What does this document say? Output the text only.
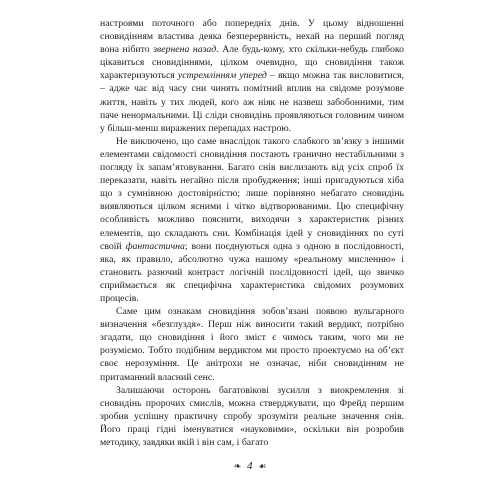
настроями поточного або попередніх днів. У цьому відношенні сновидінням властива деяка безперервність, нехай на перший погляд вона нібито звернена назад. Але будь-кому, хто скільки-небудь глибоко цікавиться сновидіннями, цілком очевидно, що сновидіння також характеризуються устремлінням уперед – якщо можна так висловитися, – адже час від часу сни чинять помітний вплив на свідоме розумове життя, навіть у тих людей, кого аж ніяк не назвеш забобонними, тим паче ненормальними. Ці сліди сновидінь проявляються головним чином у більш-менш виражених перепадах настрою.

Не виключено, що саме внаслідок такого слабкого зв’язку з іншими елементами свідомості сновидіння постають гранично нестабільними з погляду їх запам’ятовування. Багато снів вислизають від усіх спроб їх переказати, навіть негайно після пробудження; інші пригадуються хіба що з сумнівною достовірністю; лише порівняно небагато сновидінь виявляються цілком ясними і чітко відтворюваними. Цю специфічну особливість можливо пояснити, виходячи з характеристик різних елементів, що складають сни. Комбінація ідей у сновидіннях по суті своїй фантастична; вони поєднуються одна з одною в послідовності, яка, як правило, абсолютно чужа нашому «реальному мисленню» і становить разючий контраст логічній послідовності ідей, що звичко сприймається як специфічна характеристика свідомих розумових процесів.

Саме цим ознакам сновидіння зобов’язані появою вульгарного визначення «безглуздя». Перш ніж виносити такий вердикт, потрібно згадати, що сновидіння і його зміст є чимось таким, чого ми не розуміємо. Тобто подібним вердиктом ми просто проектуємо на об’єкт своє нерозуміння. Це анітрохи не означає, ніби сновидінням не притаманний власний сенс.

Залишаючи осторонь багатовікові зусилля з виокремлення зі сновидінь пророчих смислів, можна стверджувати, що Фрейд першим зробив успішну практичну спробу зрозуміти реальне значення снів. Його праці гідні іменуватися «науковими», оскільки він розробив методику, завдяки якій і він сам, і багато

❧ 4 ☙
